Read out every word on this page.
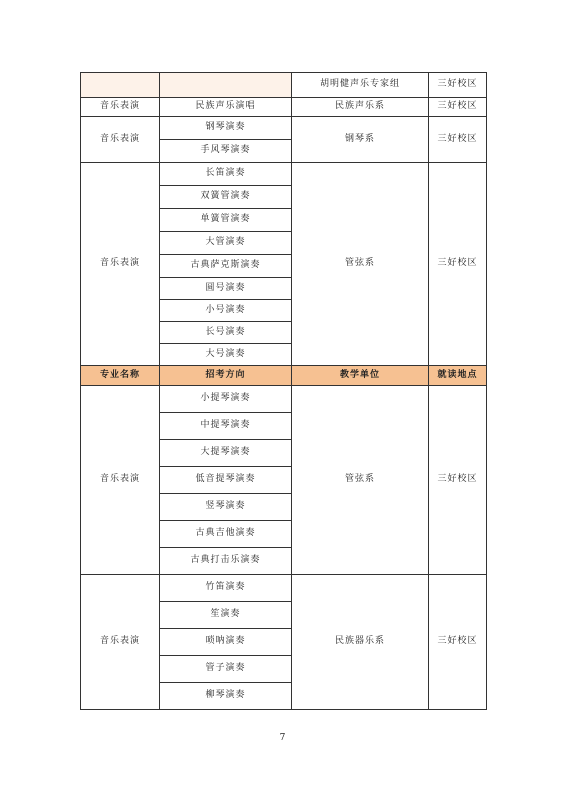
		胡明健声乐专家组	三好校区
音乐表演	民族声乐演唱	民族声乐系	三好校区
音乐表演	钢琴演奏	钢琴系	三好校区
	手风琴演奏		
音乐表演	长笛演奏	管弦系	三好校区
	双簧管演奏		
	单簧管演奏		
	大管演奏		
	古典萨克斯演奏		
	圆号演奏		
	小号演奏		
	长号演奏		
	大号演奏		
专业名称	招考方向	教学单位	就读地点
音乐表演	小提琴演奏	管弦系	三好校区
	中提琴演奏		
	大提琴演奏		
	低音提琴演奏		
	竖琴演奏		
	古典吉他演奏		
	古典打击乐演奏		
音乐表演	竹笛演奏	民族器乐系	三好校区
	笙演奏		
	唢呐演奏		
	管子演奏		
	柳琴演奏		
7
